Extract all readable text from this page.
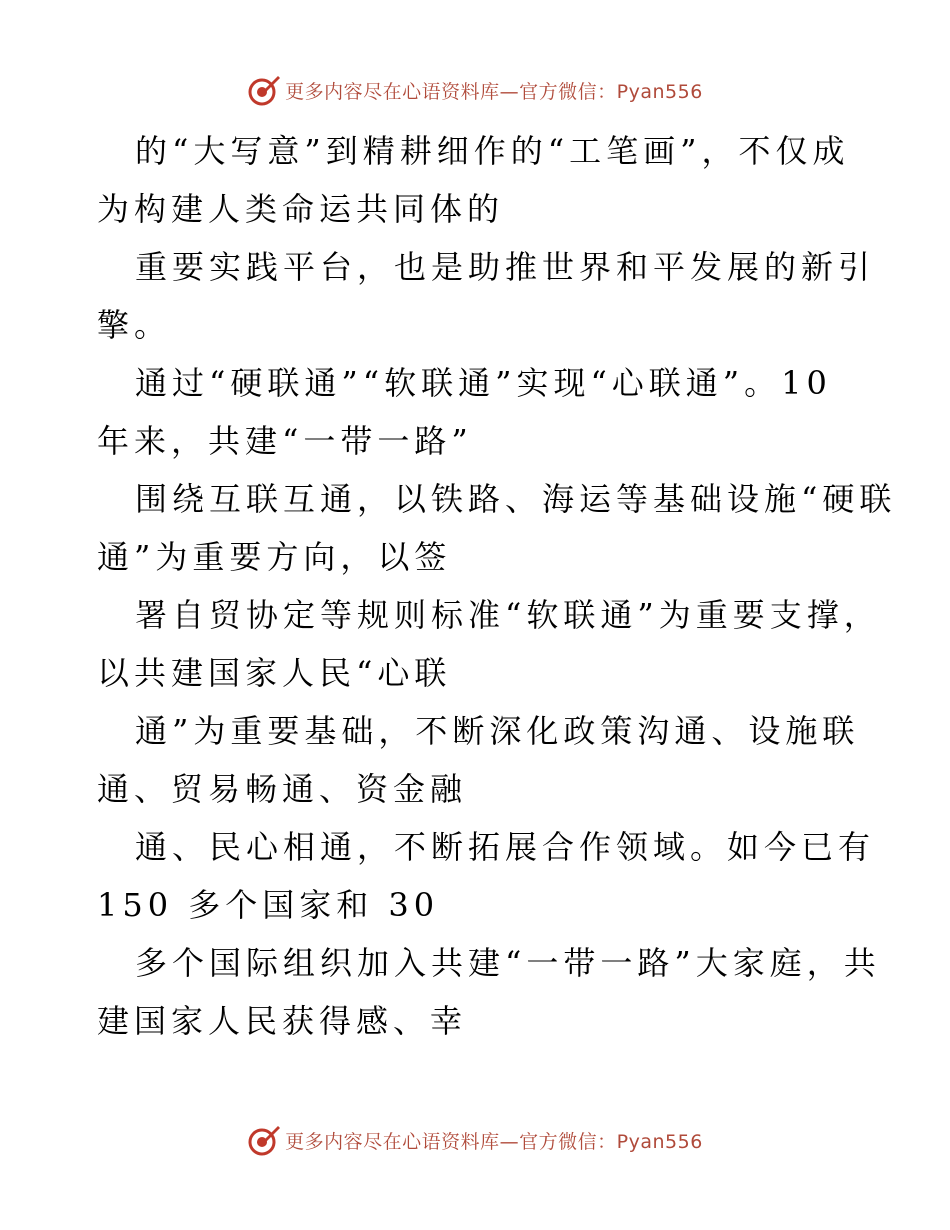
更多内容尽在心语资料库—官方微信：Pyan556

的“大写意”到精耕细作的“工笔画”，不仅成

为构建人类命运共同体的

重要实践平台，也是助推世界和平发展的新引

擎。

通过“硬联通”“软联通”实现“心联通”。10

年来，共建“一带一路”

围绕互联互通，以铁路、海运等基础设施“硬联

通”为重要方向，以签

署自贸协定等规则标准“软联通”为重要支撑，

以共建国家人民“心联

通”为重要基础，不断深化政策沟通、设施联

通、贸易畅通、资金融

通、民心相通，不断拓展合作领域。如今已有

150 多个国家和 30

多个国际组织加入共建“一带一路”大家庭，共

建国家人民获得感、幸

更多内容尽在心语资料库—官方微信：Pyan556
